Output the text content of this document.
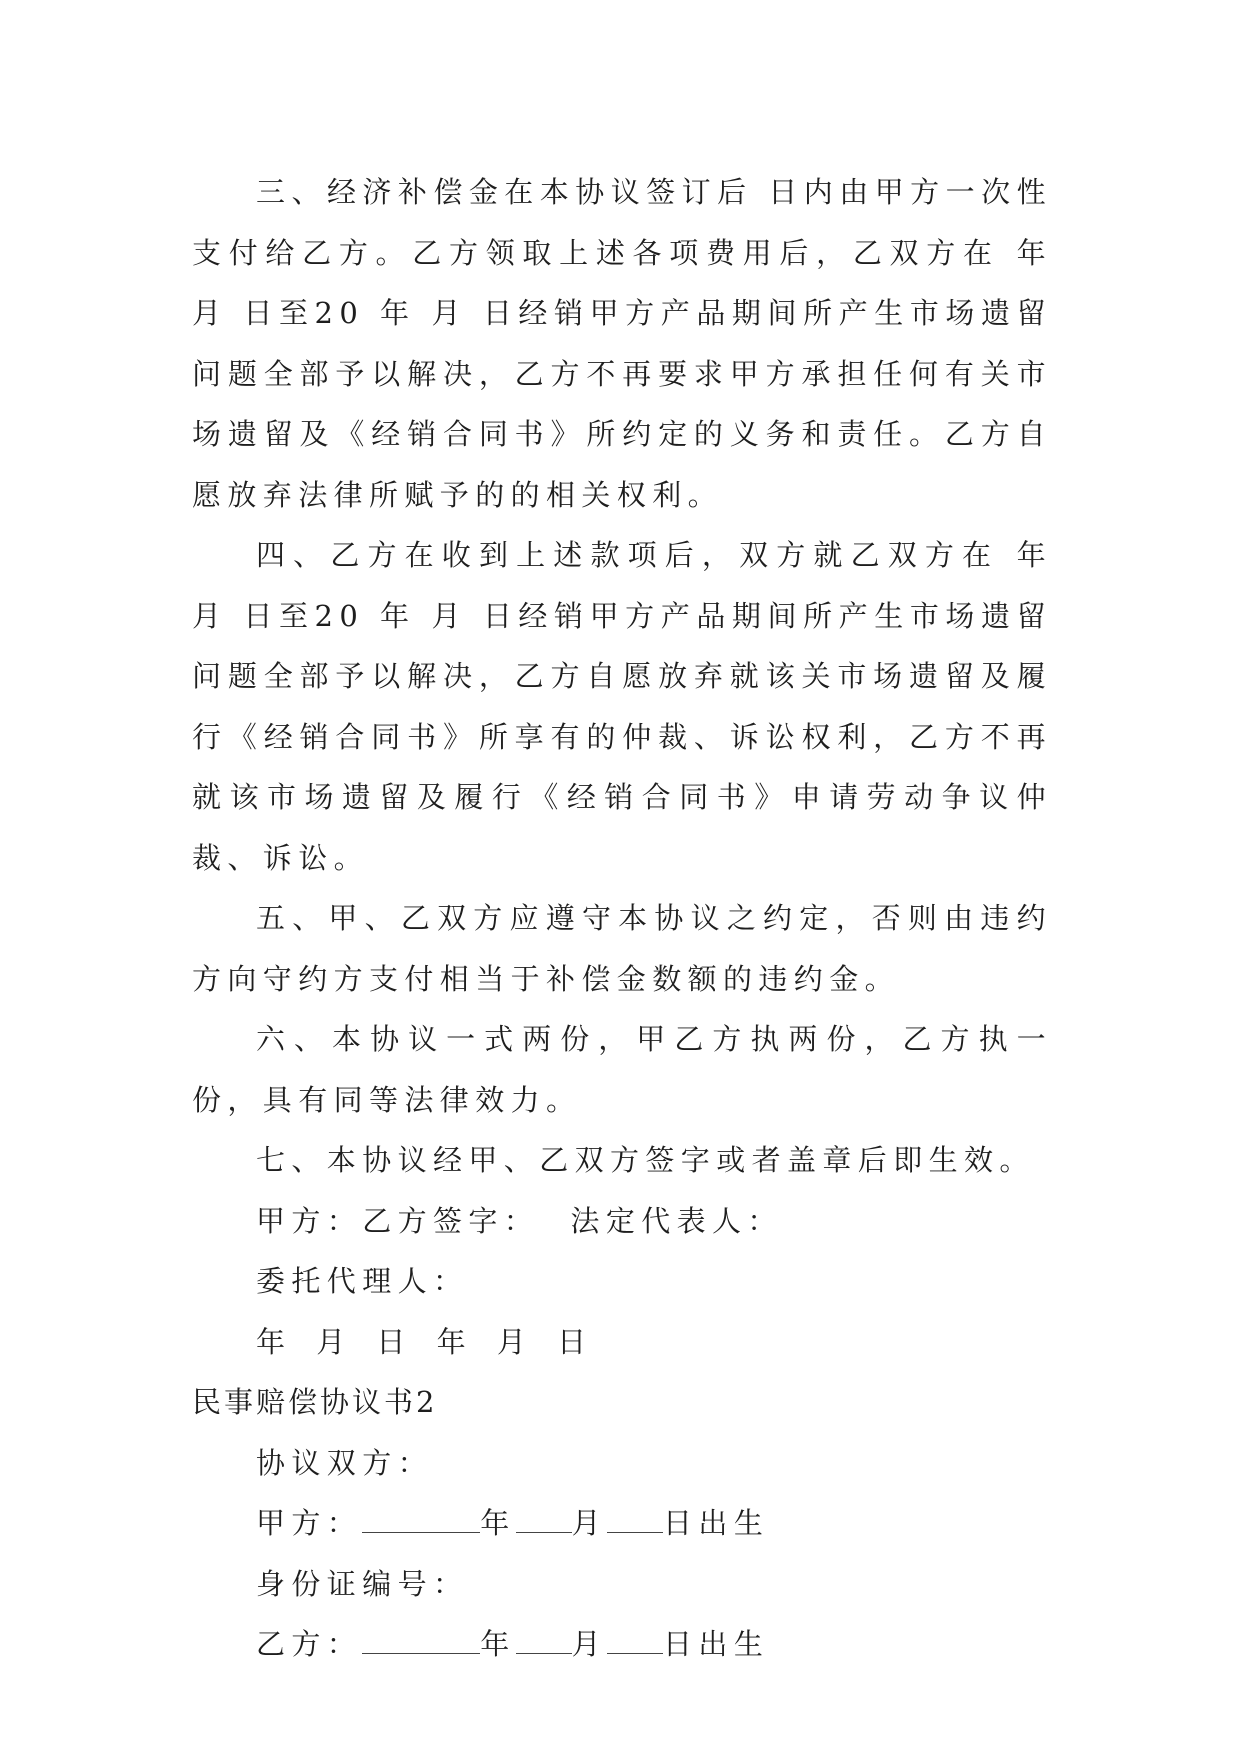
三、经济补偿金在本协议签订后 日内由甲方一次性支付给乙方。乙方领取上述各项费用后，乙双方在 年 月 日至20 年 月 日经销甲方产品期间所产生市场遗留问题全部予以解决，乙方不再要求甲方承担任何有关市场遗留及《经销合同书》所约定的义务和责任。乙方自愿放弃法律所赋予的的相关权利。

四、乙方在收到上述款项后，双方就乙双方在 年 月 日至20 年 月 日经销甲方产品期间所产生市场遗留问题全部予以解决，乙方自愿放弃就该关市场遗留及履行《经销合同书》所享有的仲裁、诉讼权利，乙方不再就该市场遗留及履行《经销合同书》申请劳动争议仲裁、诉讼。

五、甲、乙双方应遵守本协议之约定，否则由违约方向守约方支付相当于补偿金数额的违约金。

六、本协议一式两份，甲乙方执两份，乙方执一份，具有同等法律效力。

七、本协议经甲、乙双方签字或者盖章后即生效。

甲方：乙方签字：  法定代表人：

委托代理人：

年 月 日 年 月 日

民事赔偿协议书2

协议双方：

甲方：	年 月 日出生

身份证编号：

乙方：	年 月 日出生
